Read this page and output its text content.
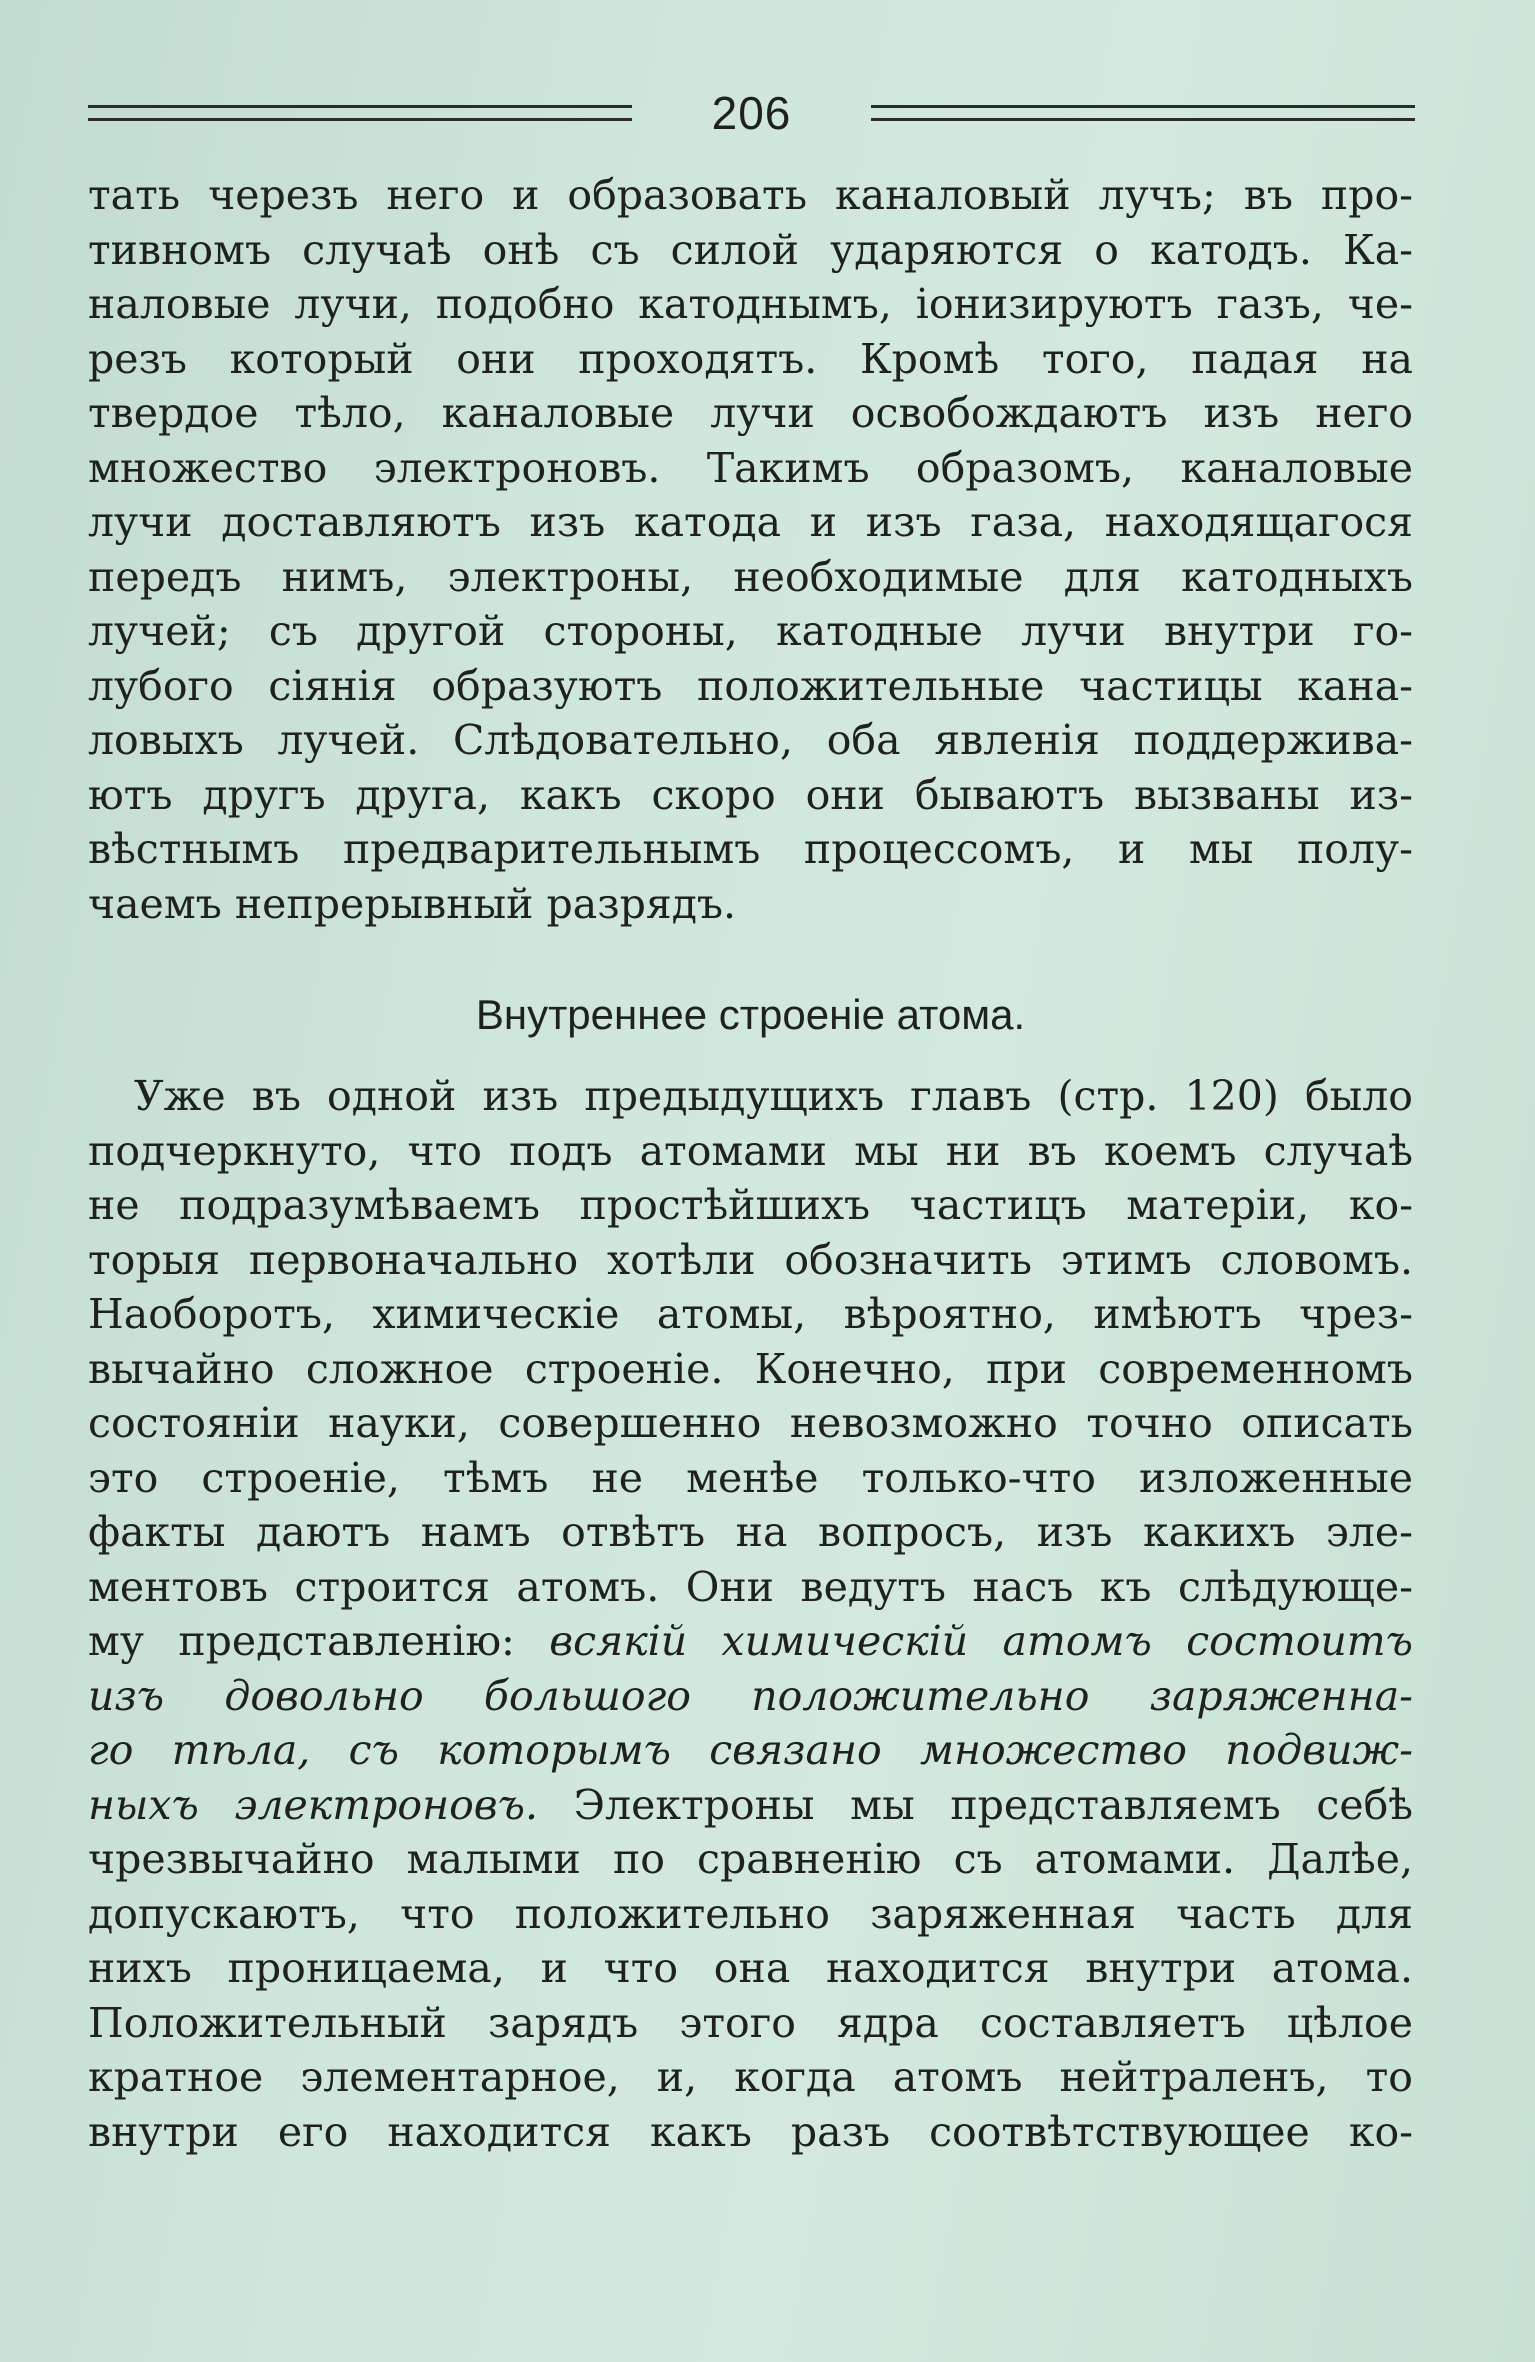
206
тать черезъ него и образовать каналовый лучъ; въ про-
тивномъ случаѣ онѣ съ силой ударяются о катодъ. Ка-
наловые лучи, подобно катоднымъ, іонизируютъ газъ, че-
резъ который они проходятъ. Кромѣ того, падая на
твердое тѣло, каналовые лучи освобождаютъ изъ него
множество электроновъ. Такимъ образомъ, каналовые
лучи доставляютъ изъ катода и изъ газа, находящагося
передъ нимъ, электроны, необходимые для катодныхъ
лучей; съ другой стороны, катодные лучи внутри го-
лубого сіянія образуютъ положительные частицы кана-
ловыхъ лучей. Слѣдовательно, оба явленія поддержива-
ютъ другъ друга, какъ скоро они бываютъ вызваны из-
вѣстнымъ предварительнымъ процессомъ, и мы полу-
чаемъ непрерывный разрядъ.
Внутреннее строеніе атома.
Уже въ одной изъ предыдущихъ главъ (стр. 120) было
подчеркнуто, что подъ атомами мы ни въ коемъ случаѣ
не подразумѣваемъ простѣйшихъ частицъ матеріи, ко-
торыя первоначально хотѣли обозначить этимъ словомъ.
Наоборотъ, химическіе атомы, вѣроятно, имѣютъ чрез-
вычайно сложное строеніе. Конечно, при современномъ
состояніи науки, совершенно невозможно точно описать
это строеніе, тѣмъ не менѣе только-что изложенные
факты даютъ намъ отвѣтъ на вопросъ, изъ какихъ эле-
ментовъ строится атомъ. Они ведутъ насъ къ слѣдующе-
му представленію: всякій химическій атомъ состоитъ
изъ довольно большого положительно заряженна-
го тѣла, съ которымъ связано множество подвиж-
ныхъ электроновъ. Электроны мы представляемъ себѣ
чрезвычайно малыми по сравненію съ атомами. Далѣе,
допускаютъ, что положительно заряженная часть для
нихъ проницаема, и что она находится внутри атома.
Положительный зарядъ этого ядра составляетъ цѣлое
кратное элементарное, и, когда атомъ нейтраленъ, то
внутри его находится какъ разъ соотвѣтствующее ко-
